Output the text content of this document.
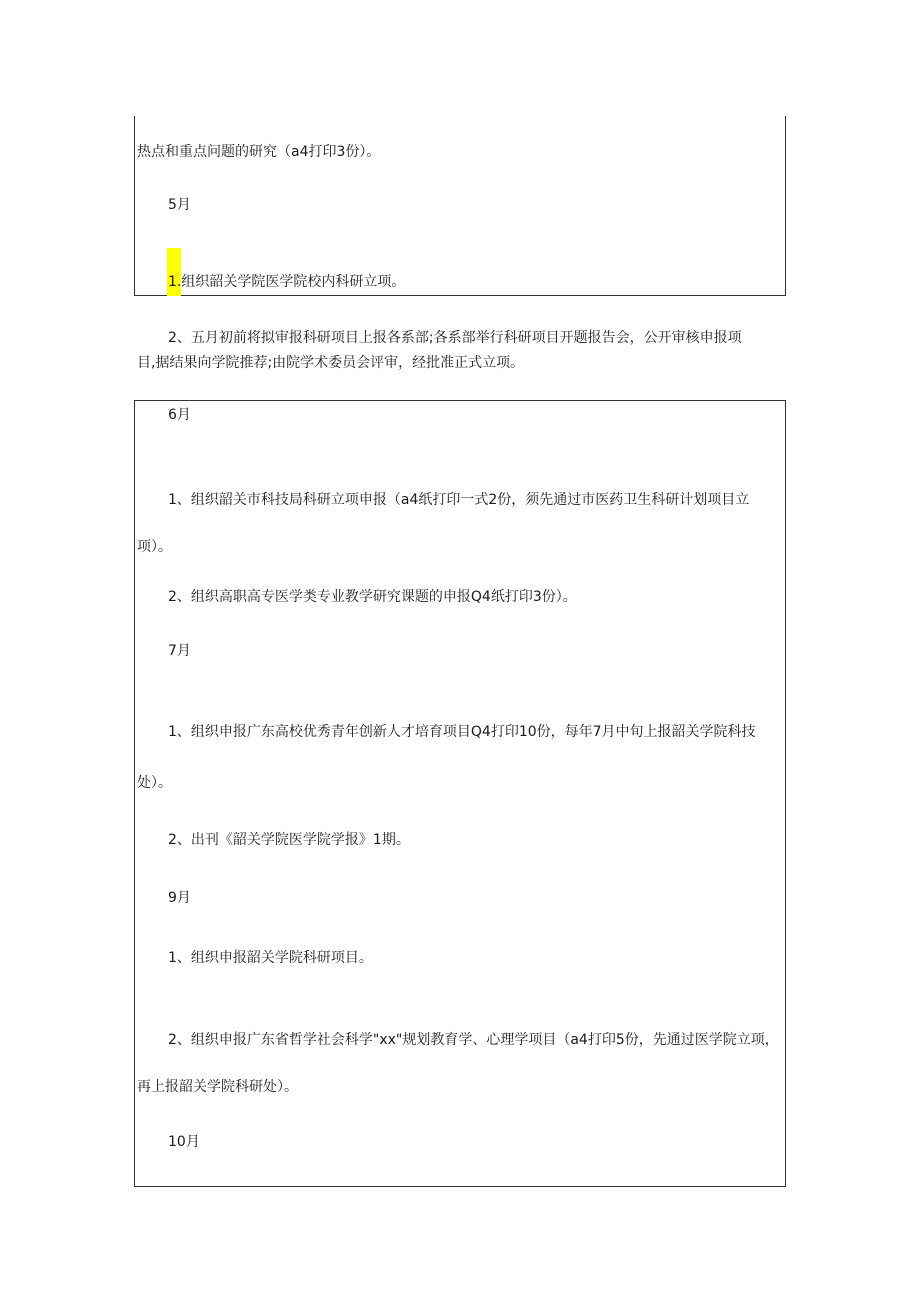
热点和重点问题的研究（a4打印3份）。
5月
1.组织韶关学院医学院校内科研立项。
2、五月初前将拟审报科研项目上报各系部;各系部举行科研项目开题报告会，公开审核申报项
目,据结果向学院推荐;由院学术委员会评审，经批准正式立项。
6月
1、组织韶关市科技局科研立项申报（a4纸打印一式2份，须先通过市医药卫生科研计划项目立
项）。
2、组织高职高专医学类专业教学研究课题的申报Q4纸打印3份）。
7月
1、组织申报广东高校优秀青年创新人才培育项目Q4打印10份，每年7月中旬上报韶关学院科技
处）。
2、出刊《韶关学院医学院学报》1期。
9月
1、组织申报韶关学院科研项目。
2、组织申报广东省哲学社会科学"xx"规划教育学、心理学项目（a4打印5份，先通过医学院立项，
再上报韶关学院科研处）。
10月
